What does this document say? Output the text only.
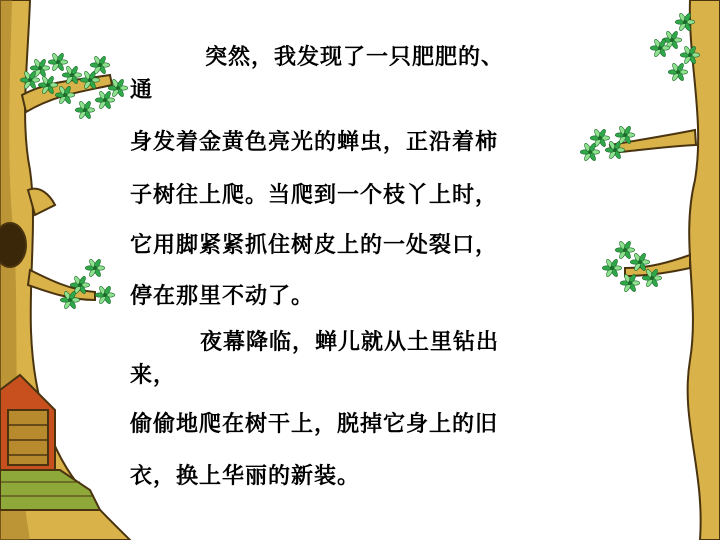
突然，我发现了一只肥肥的、

通

身发着金黄色亮光的蝉虫，正沿着柿

子树往上爬。当爬到一个枝丫上时，

它用脚紧紧抓住树皮上的一处裂口，

停在那里不动了。

夜幕降临，蝉儿就从土里钻出

来，

偷偷地爬在树干上，脱掉它身上的旧

衣，换上华丽的新装。
